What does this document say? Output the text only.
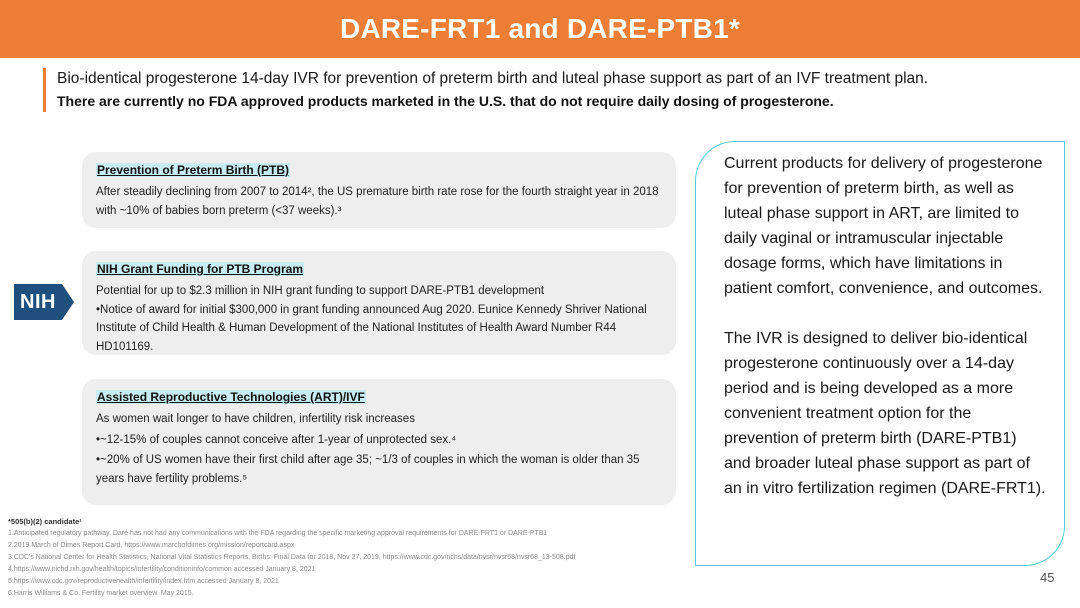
DARE-FRT1 and DARE-PTB1*
Bio-identical progesterone 14-day IVR for prevention of preterm birth and luteal phase support as part of an IVF treatment plan.
There are currently no FDA approved products marketed in the U.S. that do not require daily dosing of progesterone.
Prevention of Preterm Birth (PTB)

After steadily declining from 2007 to 2014², the US premature birth rate rose for the fourth straight year in 2018 with ~10% of babies born preterm (<37 weeks).³

NIH
NIH Grant Funding for PTB Program

Potential for up to $2.3 million in NIH grant funding to support DARE-PTB1 development

•Notice of award for initial $300,000 in grant funding announced Aug 2020. Eunice Kennedy Shriver National Institute of Child Health & Human Development of the National Institutes of Health Award Number R44 HD101169.

Assisted Reproductive Technologies (ART)/IVF

As women wait longer to have children, infertility risk increases

•~12-15% of couples cannot conceive after 1-year of unprotected sex.⁴

•~20% of US women have their first child after age 35; ~1/3 of couples in which the woman is older than 35 years have fertility problems.⁵

Current products for delivery of progesterone for prevention of preterm birth, as well as luteal phase support in ART, are limited to daily vaginal or intramuscular injectable dosage forms, which have limitations in patient comfort, convenience, and outcomes.

The IVR is designed to deliver bio-identical progesterone continuously over a 14-day period and is being developed as a more convenient treatment option for the prevention of preterm birth (DARE-PTB1) and broader luteal phase support as part of an in vitro fertilization regimen (DARE-FRT1).

*505(b)(2) candidate¹
1.Anticipated regulatory pathway. Daré has not had any communications with the FDA regarding the specific marketing approval requirements for DARE-FRT1 or DARE-PTB1
2.2019 March of Dimes Report Card, https://www.marchofdimes.org/mission/reportcard.aspx
3.CDC's National Center for Health Statistics, National Vital Statistics Reports, Births: Final Data for 2018, Nov 27, 2019, https://www.cdc.gov/nchs/data/nvsr/nvsr68/nvsr68_13-508.pdf
4.https://www.nichd.nih.gov/health/topics/infertility/conditioninfo/common accessed January 8, 2021
5.https://www.cdc.gov/reproductivehealth/infertility/index.htm accessed January 8, 2021
6.Harris Williams & Co. Fertility market overview. May 2015.
45
